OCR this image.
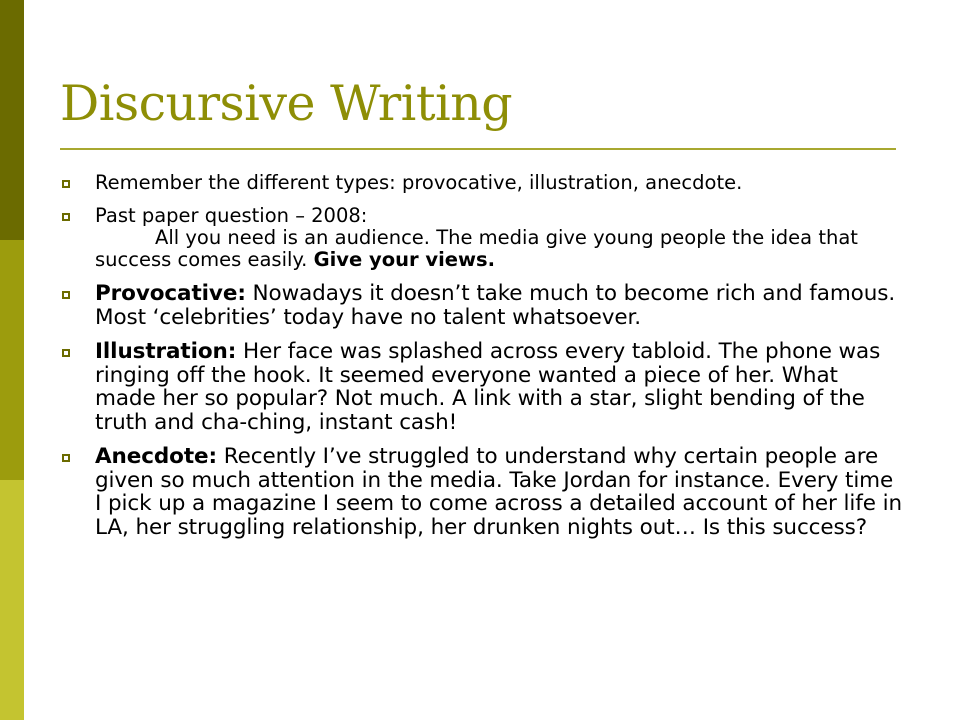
Discursive Writing
Remember the different types: provocative, illustration, anecdote.
Past paper question – 2008:
All you need is an audience. The media give young people the idea that success comes easily. Give your views.
Provocative: Nowadays it doesn’t take much to become rich and famous. Most ‘celebrities’ today have no talent whatsoever.
Illustration: Her face was splashed across every tabloid. The phone was ringing off the hook. It seemed everyone wanted a piece of her. What made her so popular? Not much. A link with a star, slight bending of the truth and cha-ching, instant cash!
Anecdote: Recently I’ve struggled to understand why certain people are given so much attention in the media. Take Jordan for instance. Every time I pick up a magazine I seem to come across a detailed account of her life in LA, her struggling relationship, her drunken nights out… Is this success?
